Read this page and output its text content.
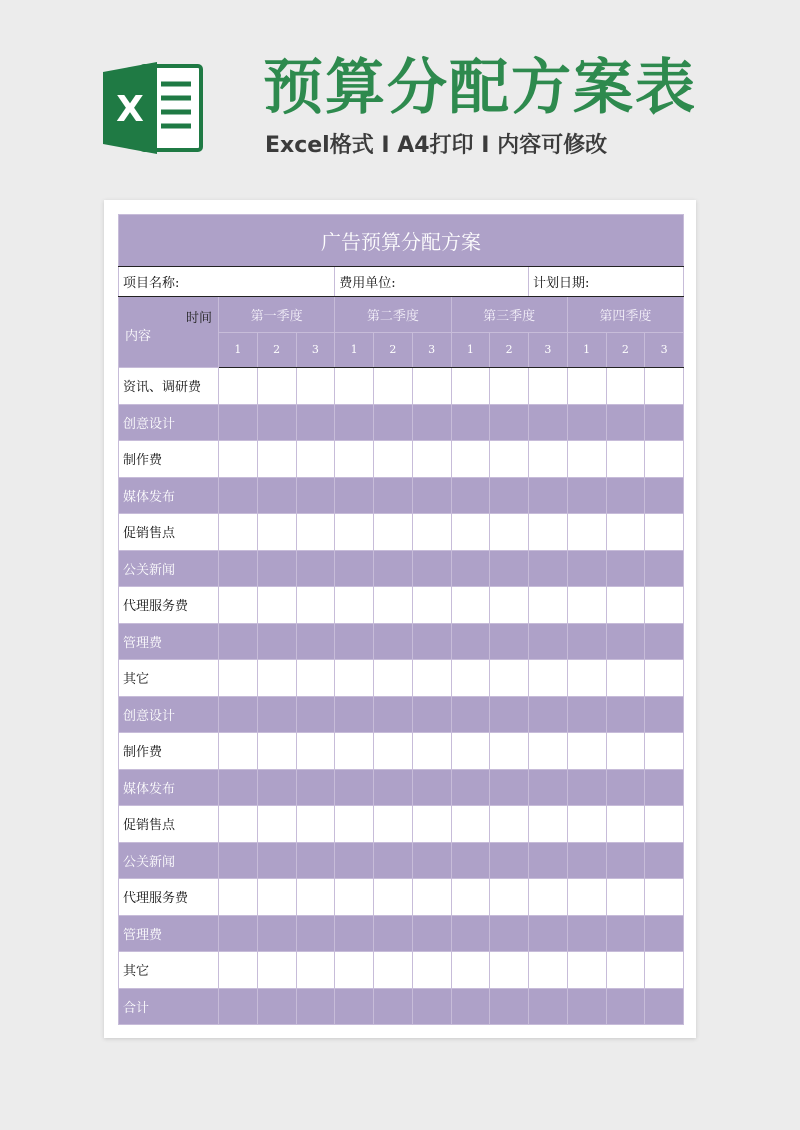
X 预算分配方案表
Excel格式 Ⅰ A4打印 Ⅰ 内容可修改
广告预算分配方案												
项目名称:				费用单位:					计划日期:			

时间
内容	第一季度			第二季度			第三季度			第四季度		
	1	2	3	1	2	3	1	2	3	1	2	3
资讯、调研费												
创意设计												
制作费												
媒体发布												
促销售点												
公关新闻												
代理服务费												
管理费												
其它												
创意设计												
制作费												
媒体发布												
促销售点												
公关新闻												
代理服务费												
管理费												
其它												
合计												
